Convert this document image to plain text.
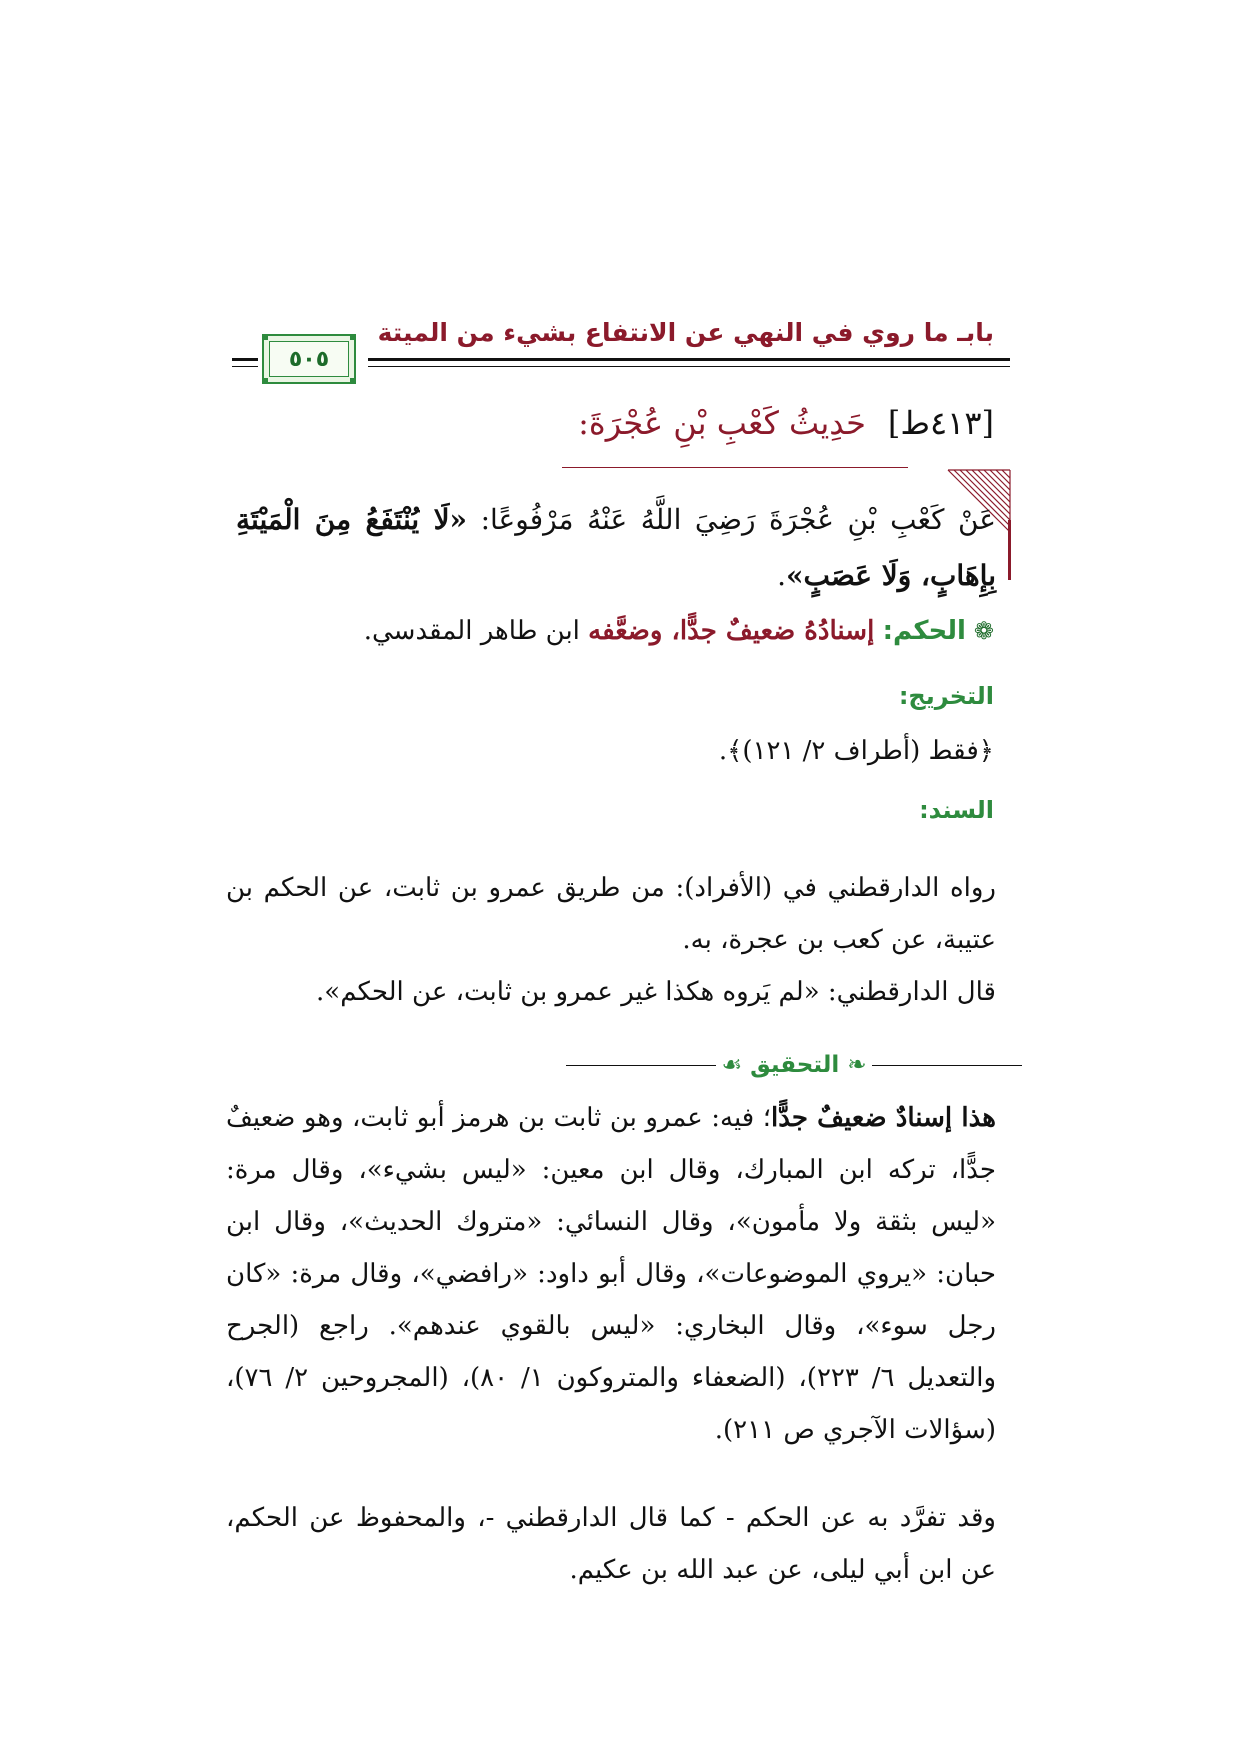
بابـ ما روي في النهي عن الانتفاع بشيء من الميتة
٥٠٥
[٤١٣ط]حَدِيثُ كَعْبِ بْنِ عُجْرَةَ:
عَنْ كَعْبِ بْنِ عُجْرَةَ رَضِيَ اللَّهُ عَنْهُ مَرْفُوعًا: «لَا يُنْتَفَعُ مِنَ الْمَيْتَةِ بِإِهَابٍ، وَلَا عَصَبٍ».
❁الحكم: إسنادُهُ ضعيفٌ جدًّا، وضعَّفه ابن طاهر المقدسي.
التخريج:
﴿فقط (أطراف ٢/ ١٢١)﴾.
السند:
رواه الدارقطني في (الأفراد): من طريق عمرو بن ثابت، عن الحكم بن عتيبة، عن كعب بن عجرة، به.
قال الدارقطني: «لم يَروه هكذا غير عمرو بن ثابت، عن الحكم».
❧ التحقيق ☙
هذا إسنادٌ ضعيفٌ جدًّا؛ فيه: عمرو بن ثابت بن هرمز أبو ثابت، وهو ضعيفٌ جدًّا، تركه ابن المبارك، وقال ابن معين: «ليس بشيء»، وقال مرة: «ليس بثقة ولا مأمون»، وقال النسائي: «متروك الحديث»، وقال ابن حبان: «يروي الموضوعات»، وقال أبو داود: «رافضي»، وقال مرة: «كان رجل سوء»، وقال البخاري: «ليس بالقوي عندهم». راجع (الجرح والتعديل ٦/ ٢٢٣)، (الضعفاء والمتروكون ١/ ٨٠)، (المجروحين ٢/ ٧٦)، (سؤالات الآجري ص ٢١١).
وقد تفرَّد به عن الحكم - كما قال الدارقطني -، والمحفوظ عن الحكم، عن ابن أبي ليلى، عن عبد الله بن عكيم.
